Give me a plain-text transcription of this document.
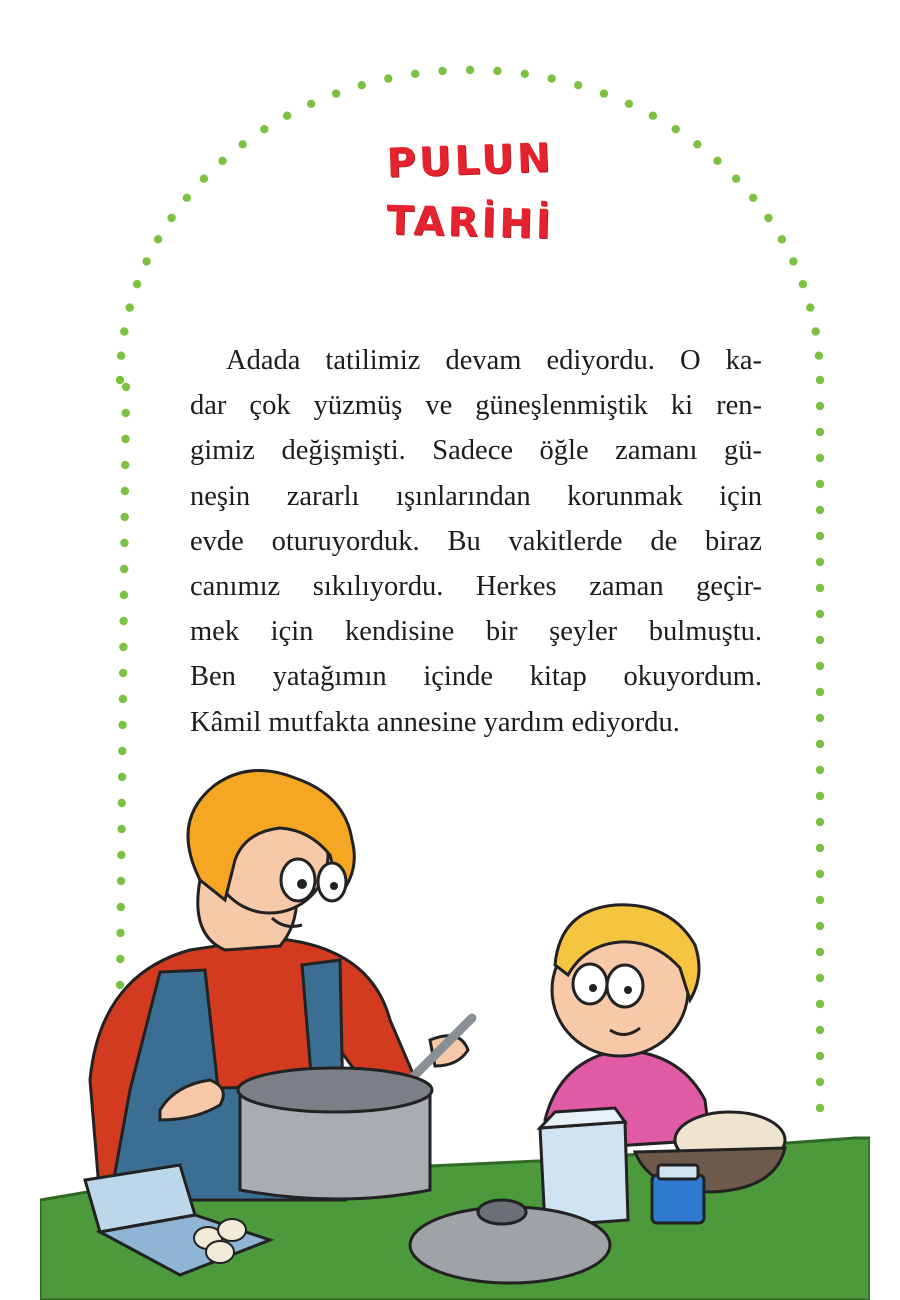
PULUN
TARİHİ
Adada tatilimiz devam ediyordu. O ka-
dar çok yüzmüş ve güneşlenmiştik ki ren-
gimiz değişmişti. Sadece öğle zamanı gü-
neşin zararlı ışınlarından korunmak için
evde oturuyorduk. Bu vakitlerde de biraz
canımız sıkılıyordu. Herkes zaman geçir-
mek için kendisine bir şeyler bulmuştu.
Ben yatağımın içinde kitap okuyordum.
Kâmil mutfakta annesine yardım ediyordu.
